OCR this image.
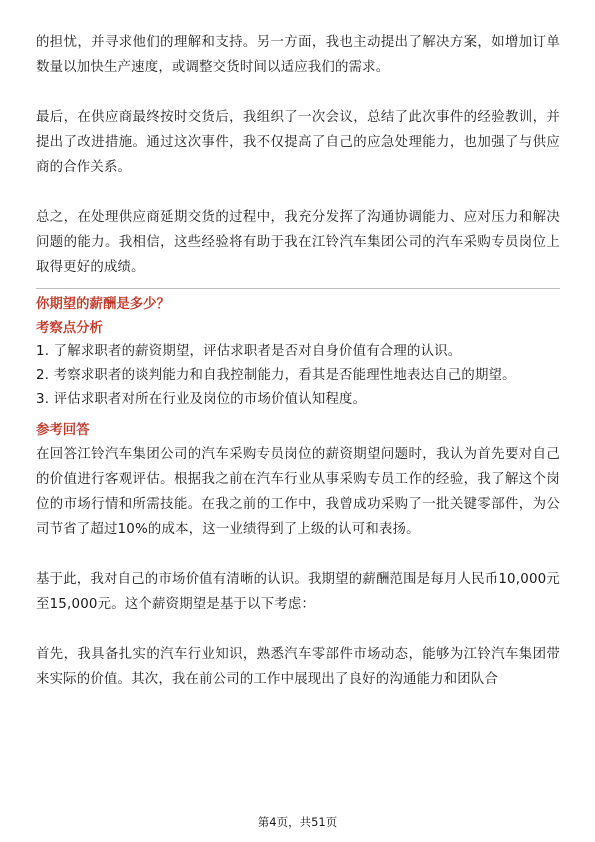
的担忧，并寻求他们的理解和支持。另一方面，我也主动提出了解决方案，如增加订单数量以加快生产速度，或调整交货时间以适应我们的需求。

最后，在供应商最终按时交货后，我组织了一次会议，总结了此次事件的经验教训，并提出了改进措施。通过这次事件，我不仅提高了自己的应急处理能力，也加强了与供应商的合作关系。

总之，在处理供应商延期交货的过程中，我充分发挥了沟通协调能力、应对压力和解决问题的能力。我相信，这些经验将有助于我在江铃汽车集团公司的汽车采购专员岗位上取得更好的成绩。

你期望的薪酬是多少？

考察点分析

1. 了解求职者的薪资期望，评估求职者是否对自身价值有合理的认识。

2. 考察求职者的谈判能力和自我控制能力，看其是否能理性地表达自己的期望。

3. 评估求职者对所在行业及岗位的市场价值认知程度。

参考回答

在回答江铃汽车集团公司的汽车采购专员岗位的薪资期望问题时，我认为首先要对自己的价值进行客观评估。根据我之前在汽车行业从事采购专员工作的经验，我了解这个岗位的市场行情和所需技能。在我之前的工作中，我曾成功采购了一批关键零部件，为公司节省了超过10%的成本，这一业绩得到了上级的认可和表扬。

基于此，我对自己的市场价值有清晰的认识。我期望的薪酬范围是每月人民币10,000元至15,000元。这个薪资期望是基于以下考虑：

首先，我具备扎实的汽车行业知识，熟悉汽车零部件市场动态，能够为江铃汽车集团带来实际的价值。其次，我在前公司的工作中展现出了良好的沟通能力和团队合

第4页，共51页
